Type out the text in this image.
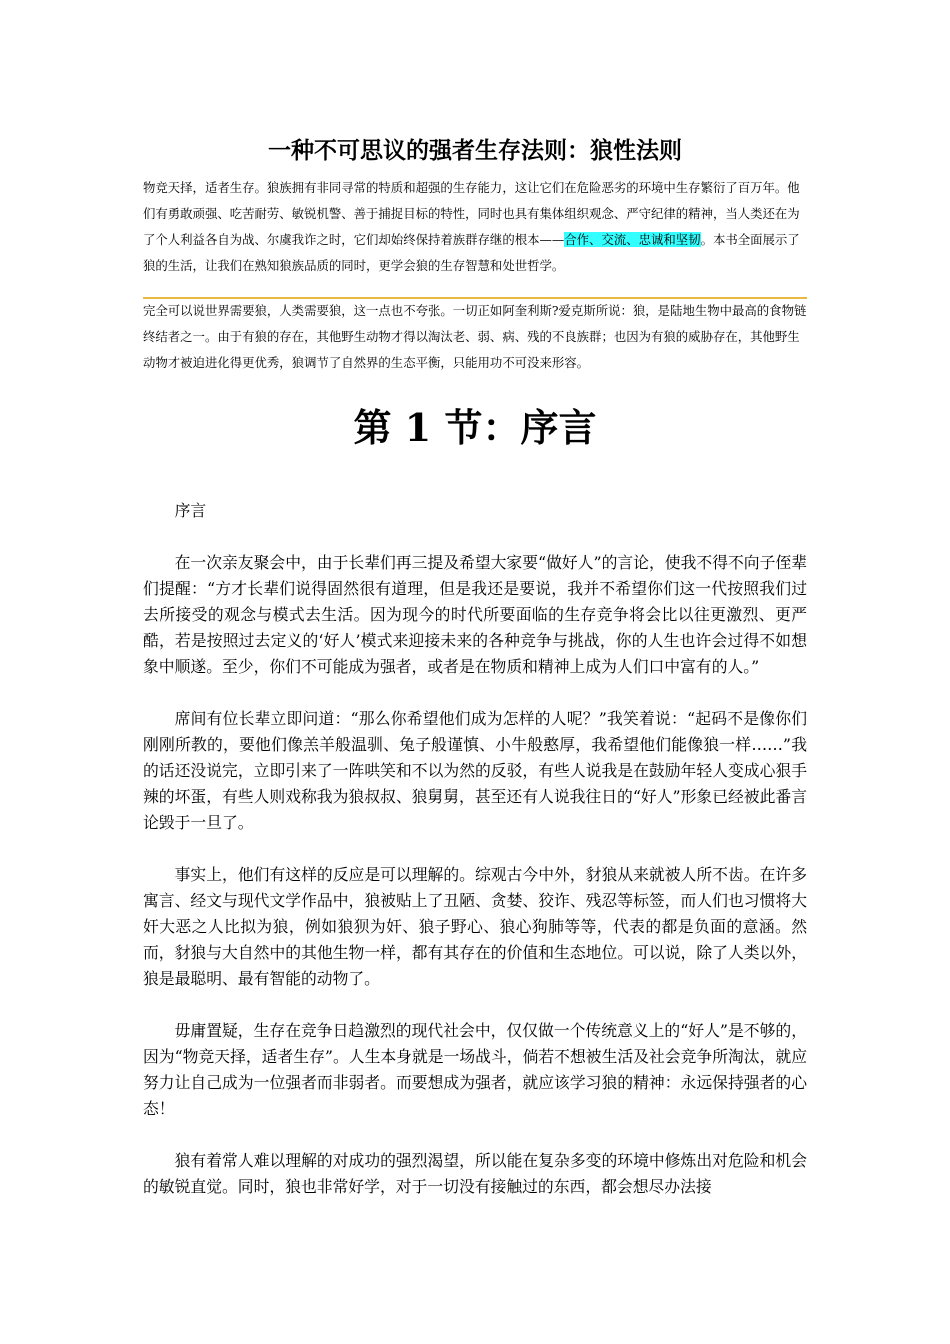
一种不可思议的强者生存法则：狼性法则

物竞天择，适者生存。狼族拥有非同寻常的特质和超强的生存能力，这让它们在危险恶劣的环境中生存繁衍了百万年。他们有勇敢顽强、吃苦耐劳、敏锐机警、善于捕捉目标的特性，同时也具有集体组织观念、严守纪律的精神，当人类还在为了个人利益各自为战、尔虞我诈之时，它们却始终保持着族群存继的根本——合作、交流、忠诚和坚韧。本书全面展示了狼的生活，让我们在熟知狼族品质的同时，更学会狼的生存智慧和处世哲学。

完全可以说世界需要狼，人类需要狼，这一点也不夸张。一切正如阿奎利斯?爱克斯所说：狼，是陆地生物中最高的食物链终结者之一。由于有狼的存在，其他野生动物才得以淘汰老、弱、病、残的不良族群；也因为有狼的威胁存在，其他野生动物才被迫进化得更优秀，狼调节了自然界的生态平衡，只能用功不可没来形容。

第 1 节：序言

序言

在一次亲友聚会中，由于长辈们再三提及希望大家要“做好人”的言论，使我不得不向子侄辈们提醒：“方才长辈们说得固然很有道理，但是我还是要说，我并不希望你们这一代按照我们过去所接受的观念与模式去生活。因为现今的时代所要面临的生存竞争将会比以往更激烈、更严酷，若是按照过去定义的‘好人’模式来迎接未来的各种竞争与挑战，你的人生也许会过得不如想象中顺遂。至少，你们不可能成为强者，或者是在物质和精神上成为人们口中富有的人。”

席间有位长辈立即问道：“那么你希望他们成为怎样的人呢？”我笑着说：“起码不是像你们刚刚所教的，要他们像羔羊般温驯、兔子般谨慎、小牛般憨厚，我希望他们能像狼一样……”我的话还没说完，立即引来了一阵哄笑和不以为然的反驳，有些人说我是在鼓励年轻人变成心狠手辣的坏蛋，有些人则戏称我为狼叔叔、狼舅舅，甚至还有人说我往日的“好人”形象已经被此番言论毁于一旦了。

事实上，他们有这样的反应是可以理解的。综观古今中外，豺狼从来就被人所不齿。在许多寓言、经文与现代文学作品中，狼被贴上了丑陋、贪婪、狡诈、残忍等标签，而人们也习惯将大奸大恶之人比拟为狼，例如狼狈为奸、狼子野心、狼心狗肺等等，代表的都是负面的意涵。然而，豺狼与大自然中的其他生物一样，都有其存在的价值和生态地位。可以说，除了人类以外，狼是最聪明、最有智能的动物了。

毋庸置疑，生存在竞争日趋激烈的现代社会中，仅仅做一个传统意义上的“好人”是不够的，因为“物竞天择，适者生存”。人生本身就是一场战斗，倘若不想被生活及社会竞争所淘汰，就应努力让自己成为一位强者而非弱者。而要想成为强者，就应该学习狼的精神：永远保持强者的心态！

狼有着常人难以理解的对成功的强烈渴望，所以能在复杂多变的环境中修炼出对危险和机会的敏锐直觉。同时，狼也非常好学，对于一切没有接触过的东西，都会想尽办法接
